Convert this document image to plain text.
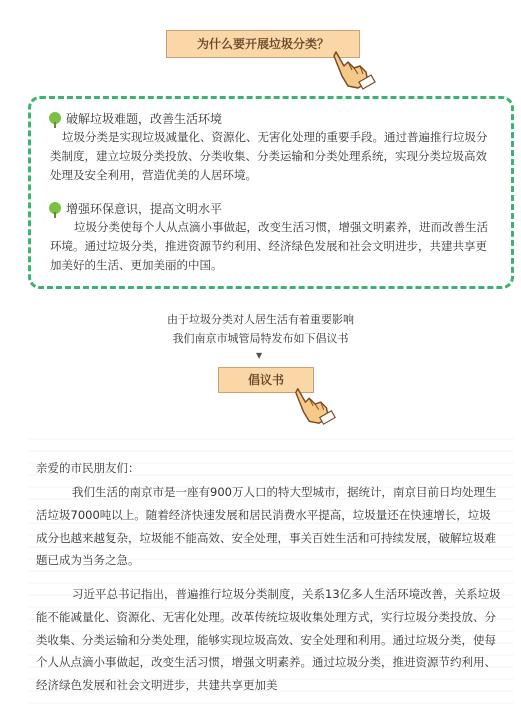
为什么要开展垃圾分类？
破解垃圾难题，改善生活环境
垃圾分类是实现垃圾减量化、资源化、无害化处理的重要手段。通过普遍推行垃圾分类制度，建立垃圾分类投放、分类收集、分类运输和分类处理系统，实现分类垃圾高效处理及安全利用，营造优美的人居环境。
增强环保意识，提高文明水平
垃圾分类使每个人从点滴小事做起，改变生活习惯，增强文明素养，进而改善生活环境。通过垃圾分类，推进资源节约利用、经济绿色发展和社会文明进步，共建共享更加美好的生活、更加美丽的中国。
由于垃圾分类对人居生活有着重要影响
我们南京市城管局特发布如下倡议书
▼
倡议书
亲爱的市民朋友们：
我们生活的南京市是一座有900万人口的特大型城市，据统计，南京目前日均处理生活垃圾7000吨以上。随着经济快速发展和居民消费水平提高，垃圾量还在快速增长，垃圾成分也越来越复杂，垃圾能不能高效、安全处理，事关百姓生活和可持续发展，破解垃圾难题已成为当务之急。
习近平总书记指出，普遍推行垃圾分类制度，关系13亿多人生活环境改善，关系垃圾能不能减量化、资源化、无害化处理。改革传统垃圾收集处理方式，实行垃圾分类投放、分类收集、分类运输和分类处理，能够实现垃圾高效、安全处理和利用。通过垃圾分类，使每个人从点滴小事做起，改变生活习惯，增强文明素养。通过垃圾分类，推进资源节约利用、经济绿色发展和社会文明进步，共建共享更加美
